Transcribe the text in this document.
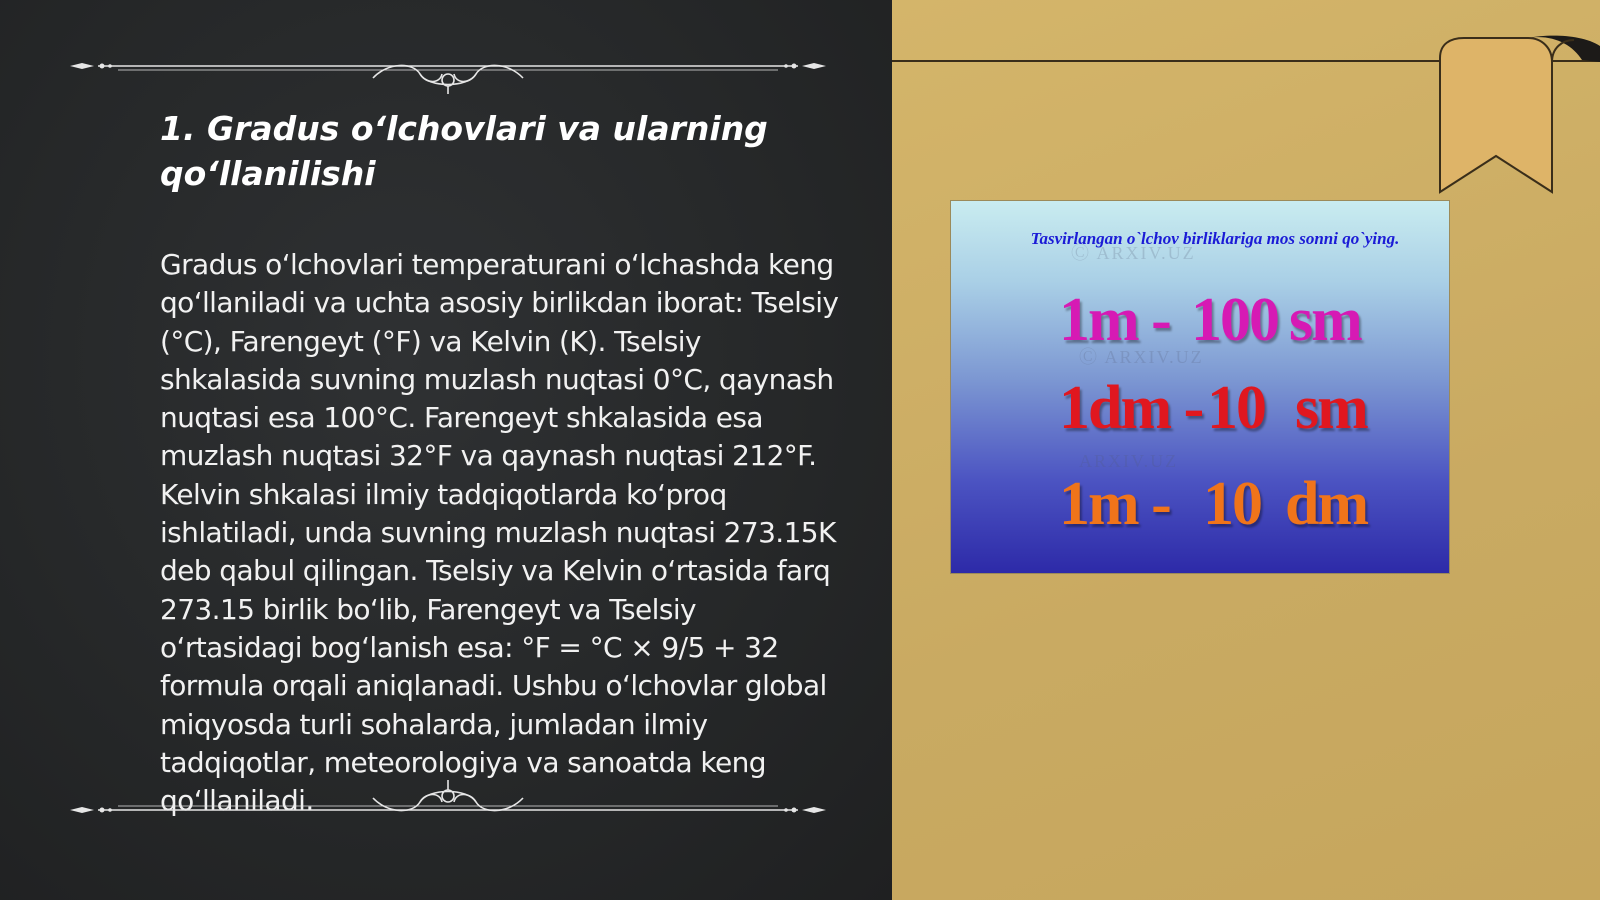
1. Gradus o‘lchovlari va ularning qo‘llanilishi

Gradus o‘lchovlari temperaturani o‘lchashda keng qo‘llaniladi va uchta asosiy birlikdan iborat: Tselsiy (°C), Farengeyt (°F) va Kelvin (K). Tselsiy shkalasida suvning muzlash nuqtasi 0°C, qaynash nuqtasi esa 100°C. Farengeyt shkalasida esa muzlash nuqtasi 32°F va qaynash nuqtasi 212°F. Kelvin shkalasi ilmiy tadqiqotlarda ko‘proq ishlatiladi, unda suvning muzlash nuqtasi 273.15K deb qabul qilingan. Tselsiy va Kelvin o‘rtasida farq 273.15 birlik bo‘lib, Farengeyt va Tselsiy o‘rtasidagi bog‘lanish esa: °F = °C × 9/5 + 32 formula orqali aniqlanadi. Ushbu o‘lchovlar global miqyosda turli sohalarda, jumladan ilmiy tadqiqotlar, meteorologiya va sanoatda keng qo‘llaniladi.

Ⓒ ARXIV.UZ
Ⓒ ARXIV.UZ
ARXIV.UZ
Tasvirlangan o`lchov birliklariga mos sonni qo`ying.
1m - 100 sm
1dm - 10 sm
1m - 10 dm
